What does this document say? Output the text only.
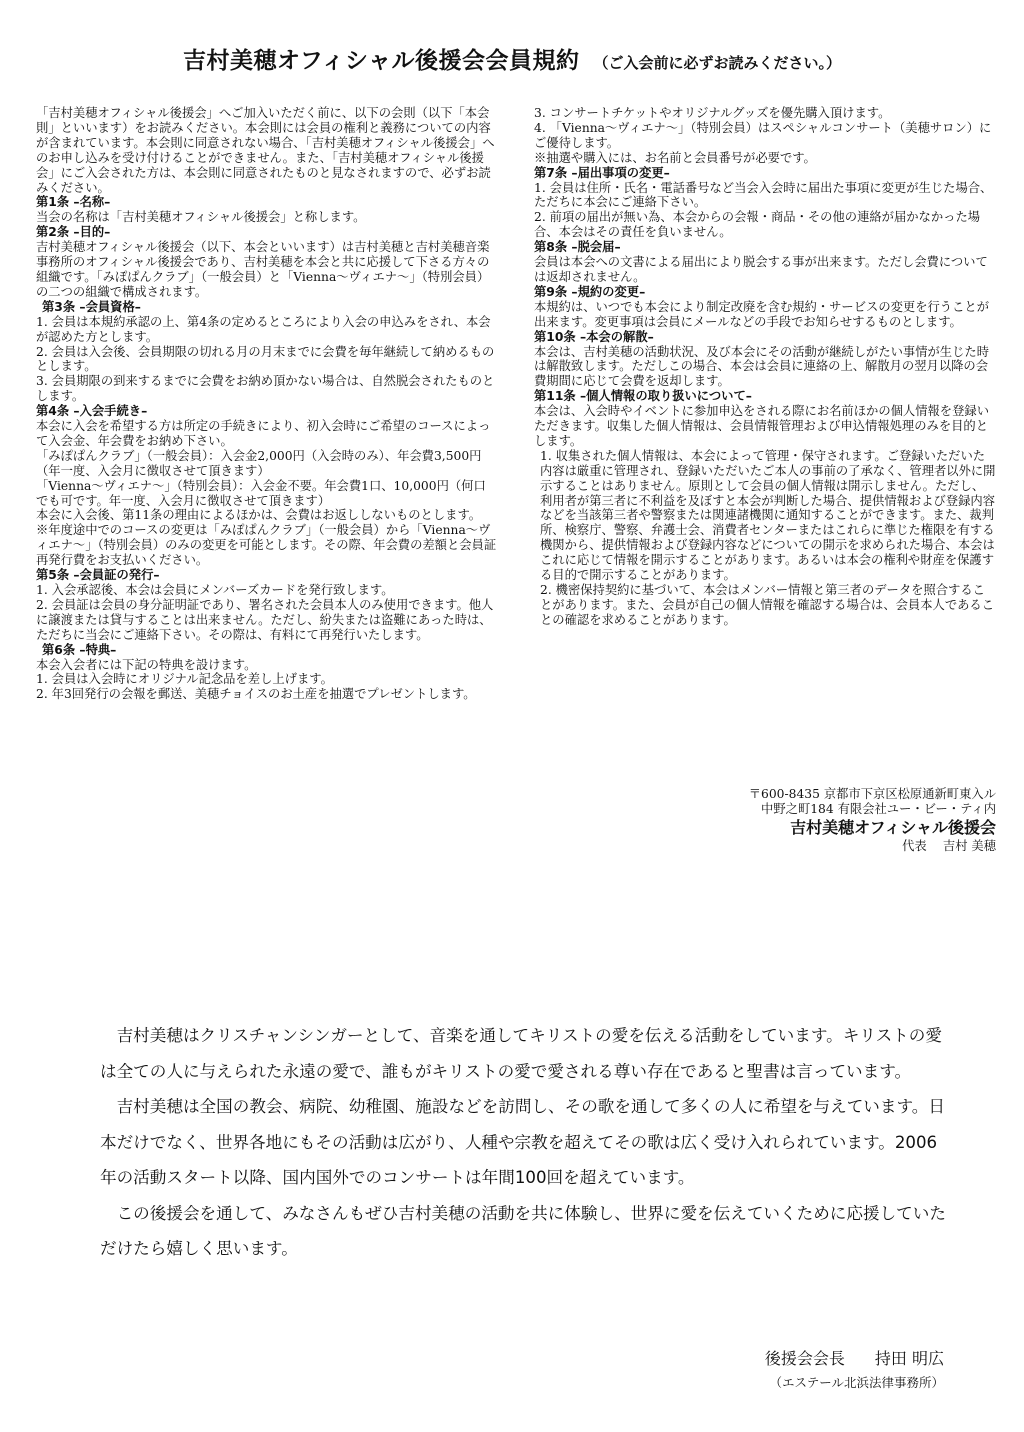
吉村美穂オフィシャル後援会会員規約 （ご入会前に必ずお読みください。）

「吉村美穂オフィシャル後援会」へご加入いただく前に、以下の会則（以下「本会則」といいます）をお読みください。本会則には会員の権利と義務についての内容が含まれています。本会則に同意されない場合、「吉村美穂オフィシャル後援会」へのお申し込みを受け付けることができません。また、「吉村美穂オフィシャル後援会」にご入会された方は、本会則に同意されたものと見なされますので、必ずお読みください。

第1条 –名称–

当会の名称は「吉村美穂オフィシャル後援会」と称します。

第2条 –目的–

吉村美穂オフィシャル後援会（以下、本会といいます）は吉村美穂と吉村美穂音楽事務所のオフィシャル後援会であり、吉村美穂を本会と共に応援して下さる方々の組織です。「みぽぱんクラブ」（一般会員）と「Vienna～ヴィエナ～」（特別会員）の二つの組織で構成されます。

第3条 –会員資格–

1. 会員は本規約承認の上、第4条の定めるところにより入会の申込みをされ、本会が認めた方とします。

2. 会員は入会後、会員期限の切れる月の月末までに会費を毎年継続して納めるものとします。

3. 会員期限の到来するまでに会費をお納め頂かない場合は、自然脱会されたものとします。

第4条 –入会手続き–

本会に入会を希望する方は所定の手続きにより、初入会時にご希望のコースによって入会金、年会費をお納め下さい。

「みぽぱんクラブ」（一般会員）：入会金2,000円（入会時のみ）、年会費3,500円（年一度、入会月に徴収させて頂きます）

「Vienna～ヴィエナ～」（特別会員）：入会金不要。年会費1口、10,000円（何口でも可です。年一度、入会月に徴収させて頂きます）

本会に入会後、第11条の理由によるほかは、会費はお返ししないものとします。

※年度途中でのコースの変更は「みぽぱんクラブ」（一般会員）から「Vienna～ヴィエナ～」（特別会員）のみの変更を可能とします。その際、年会費の差額と会員証再発行費をお支払いください。

第5条 –会員証の発行–

1. 入会承認後、本会は会員にメンバーズカードを発行致します。

2. 会員証は会員の身分証明証であり、署名された会員本人のみ使用できます。他人に譲渡または貸与することは出来ません。ただし、紛失または盗難にあった時は、ただちに当会にご連絡下さい。その際は、有料にて再発行いたします。

第6条 –特典–

本会入会者には下記の特典を設けます。

1. 会員は入会時にオリジナル記念品を差し上げます。

2. 年3回発行の会報を郵送、美穂チョイスのお土産を抽選でプレゼントします。

3. コンサートチケットやオリジナルグッズを優先購入頂けます。

4. 「Vienna～ヴィエナ～」（特別会員）はスペシャルコンサート（美穂サロン）にご優待します。

※抽選や購入には、お名前と会員番号が必要です。

第7条 –届出事項の変更–

1. 会員は住所・氏名・電話番号など当会入会時に届出た事項に変更が生じた場合、ただちに本会にご連絡下さい。

2. 前項の届出が無い為、本会からの会報・商品・その他の連絡が届かなかった場合、本会はその責任を負いません。

第8条 –脱会届–

会員は本会への文書による届出により脱会する事が出来ます。ただし会費については返却されません。

第9条 –規約の変更–

本規約は、いつでも本会により制定改廃を含む規約・サービスの変更を行うことが出来ます。変更事項は会員にメールなどの手段でお知らせするものとします。

第10条 –本会の解散–

本会は、吉村美穂の活動状況、及び本会にその活動が継続しがたい事情が生じた時は解散致します。ただしこの場合、本会は会員に連絡の上、解散月の翌月以降の会費期間に応じて会費を返却します。

第11条 –個人情報の取り扱いについて–

本会は、入会時やイベントに参加申込をされる際にお名前ほかの個人情報を登録いただきます。収集した個人情報は、会員情報管理および申込情報処理のみを目的とします。

1. 収集された個人情報は、本会によって管理・保守されます。ご登録いただいた内容は厳重に管理され、登録いただいたご本人の事前の了承なく、管理者以外に開示することはありません。原則として会員の個人情報は開示しません。ただし、利用者が第三者に不利益を及ぼすと本会が判断した場合、提供情報および登録内容などを当該第三者や警察または関連諸機関に通知することができます。また、裁判所、検察庁、警察、弁護士会、消費者センターまたはこれらに準じた権限を有する機関から、提供情報および登録内容などについての開示を求められた場合、本会はこれに応じて情報を開示することがあります。あるいは本会の権利や財産を保護する目的で開示することがあります。

2. 機密保持契約に基づいて、本会はメンバー情報と第三者のデータを照合することがあります。また、会員が自己の個人情報を確認する場合は、会員本人であることの確認を求めることがあります。

〒600-8435 京都市下京区松原通新町東入ル
中野之町184 有限会社ユー・ビー・ティ内
吉村美穂オフィシャル後援会
代表　 吉村 美穂

吉村美穂はクリスチャンシンガーとして、音楽を通してキリストの愛を伝える活動をしています。キリストの愛は全ての人に与えられた永遠の愛で、誰もがキリストの愛で愛される尊い存在であると聖書は言っています。

吉村美穂は全国の教会、病院、幼稚園、施設などを訪問し、その歌を通して多くの人に希望を与えています。日本だけでなく、世界各地にもその活動は広がり、人種や宗教を超えてその歌は広く受け入れられています。2006年の活動スタート以降、国内国外でのコンサートは年間100回を超えています。

この後援会を通して、みなさんもぜひ吉村美穂の活動を共に体験し、世界に愛を伝えていくために応援していただけたら嬉しく思います。

後援会会長 持田 明広
（エステール北浜法律事務所）
